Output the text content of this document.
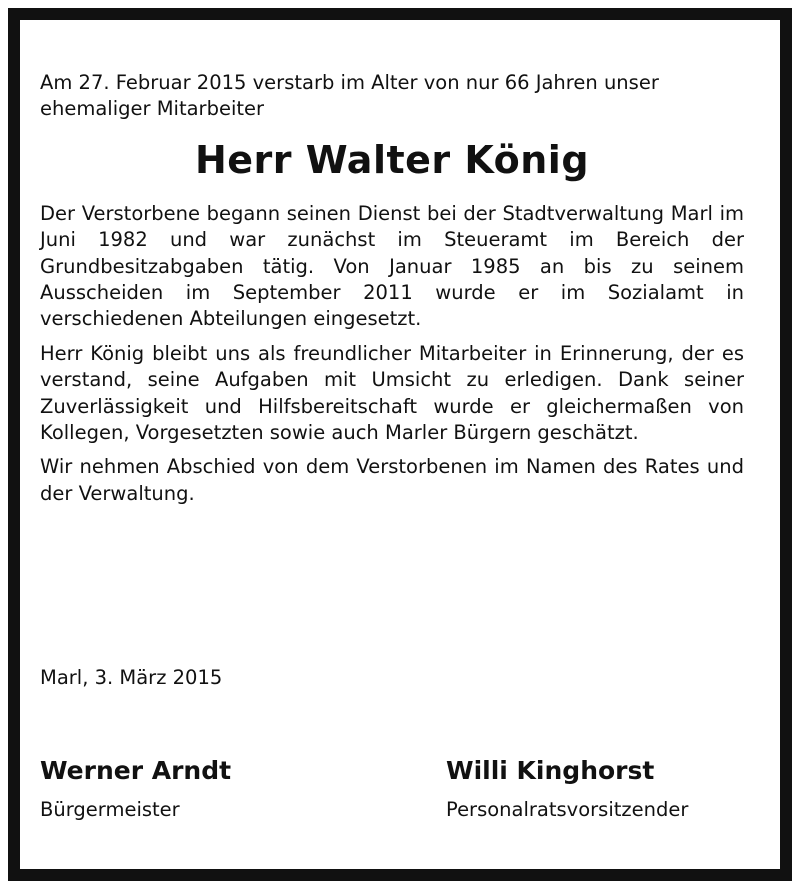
Am 27. Februar 2015 verstarb im Alter von nur 66 Jahren unser ehemaliger Mitarbeiter

Herr Walter König

Der Verstorbene begann seinen Dienst bei der Stadtverwaltung Marl im Juni 1982 und war zunächst im Steueramt im Bereich der Grundbesitzabgaben tätig. Von Januar 1985 an bis zu seinem Ausscheiden im September 2011 wurde er im Sozialamt in verschiedenen Abteilungen eingesetzt.

Herr König bleibt uns als freundlicher Mitarbeiter in Erinnerung, der es verstand, seine Aufgaben mit Umsicht zu erledigen. Dank seiner Zuverlässigkeit und Hilfsbereitschaft wurde er gleichermaßen von Kollegen, Vorgesetzten sowie auch Marler Bürgern geschätzt.

Wir nehmen Abschied von dem Verstorbenen im Namen des Rates und der Verwaltung.

Marl, 3. März 2015
Werner Arndt
Bürgermeister
Willi Kinghorst
Personalratsvorsitzender
